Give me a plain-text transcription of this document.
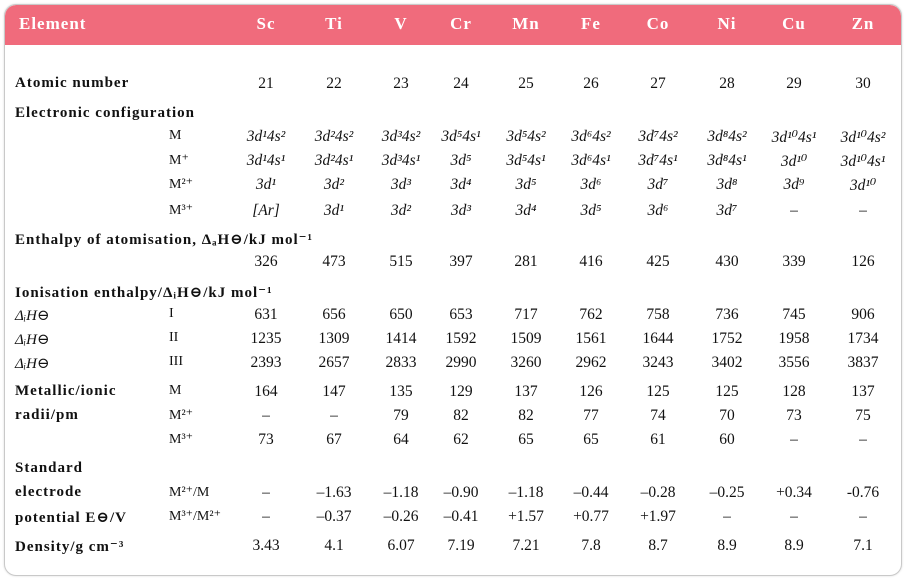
Element	Sc	Ti	V	Cr	Mn	Fe	Co	Ni	Cu	Zn
Atomic number	21	22	23	24	25	26	27	28	29	30
Electronic configuration
M	3d¹4s²	3d²4s²	3d³4s²	3d⁵4s¹	3d⁵4s²	3d⁶4s²	3d⁷4s²	3d⁸4s²	3d¹⁰4s¹	3d¹⁰4s²
M⁺	3d¹4s¹	3d²4s¹	3d³4s¹	3d⁵	3d⁵4s¹	3d⁶4s¹	3d⁷4s¹	3d⁸4s¹	3d¹⁰	3d¹⁰4s¹
M²⁺	3d¹	3d²	3d³	3d⁴	3d⁵	3d⁶	3d⁷	3d⁸	3d⁹	3d¹⁰
M³⁺	[Ar]	3d¹	3d²	3d³	3d⁴	3d⁵	3d⁶	3d⁷	–	–
Enthalpy of atomisation, ΔₐH⊖/kJ mol⁻¹
326	473	515	397	281	416	425	430	339	126
Ionisation enthalpy/ΔᵢH⊖/kJ mol⁻¹
ΔᵢH⊖	I	631	656	650	653	717	762	758	736	745	906
ΔᵢH⊖	II	1235	1309	1414	1592	1509	1561	1644	1752	1958	1734
ΔᵢH⊖	III	2393	2657	2833	2990	3260	2962	3243	3402	3556	3837
Metallic/ionic
radii/pm
M	164	147	135	129	137	126	125	125	128	137
M²⁺	–	–	79	82	82	77	74	70	73	75
M³⁺	73	67	64	62	65	65	61	60	–	–
Standard
electrode
potential E⊖/V
M²⁺/M	–	–1.63	–1.18	–0.90	–1.18	–0.44	–0.28	–0.25	+0.34	-0.76
M³⁺/M²⁺	–	–0.37	–0.26	–0.41	+1.57	+0.77	+1.97	–	–	–
Density/g cm⁻³	3.43	4.1	6.07	7.19	7.21	7.8	8.7	8.9	8.9	7.1
